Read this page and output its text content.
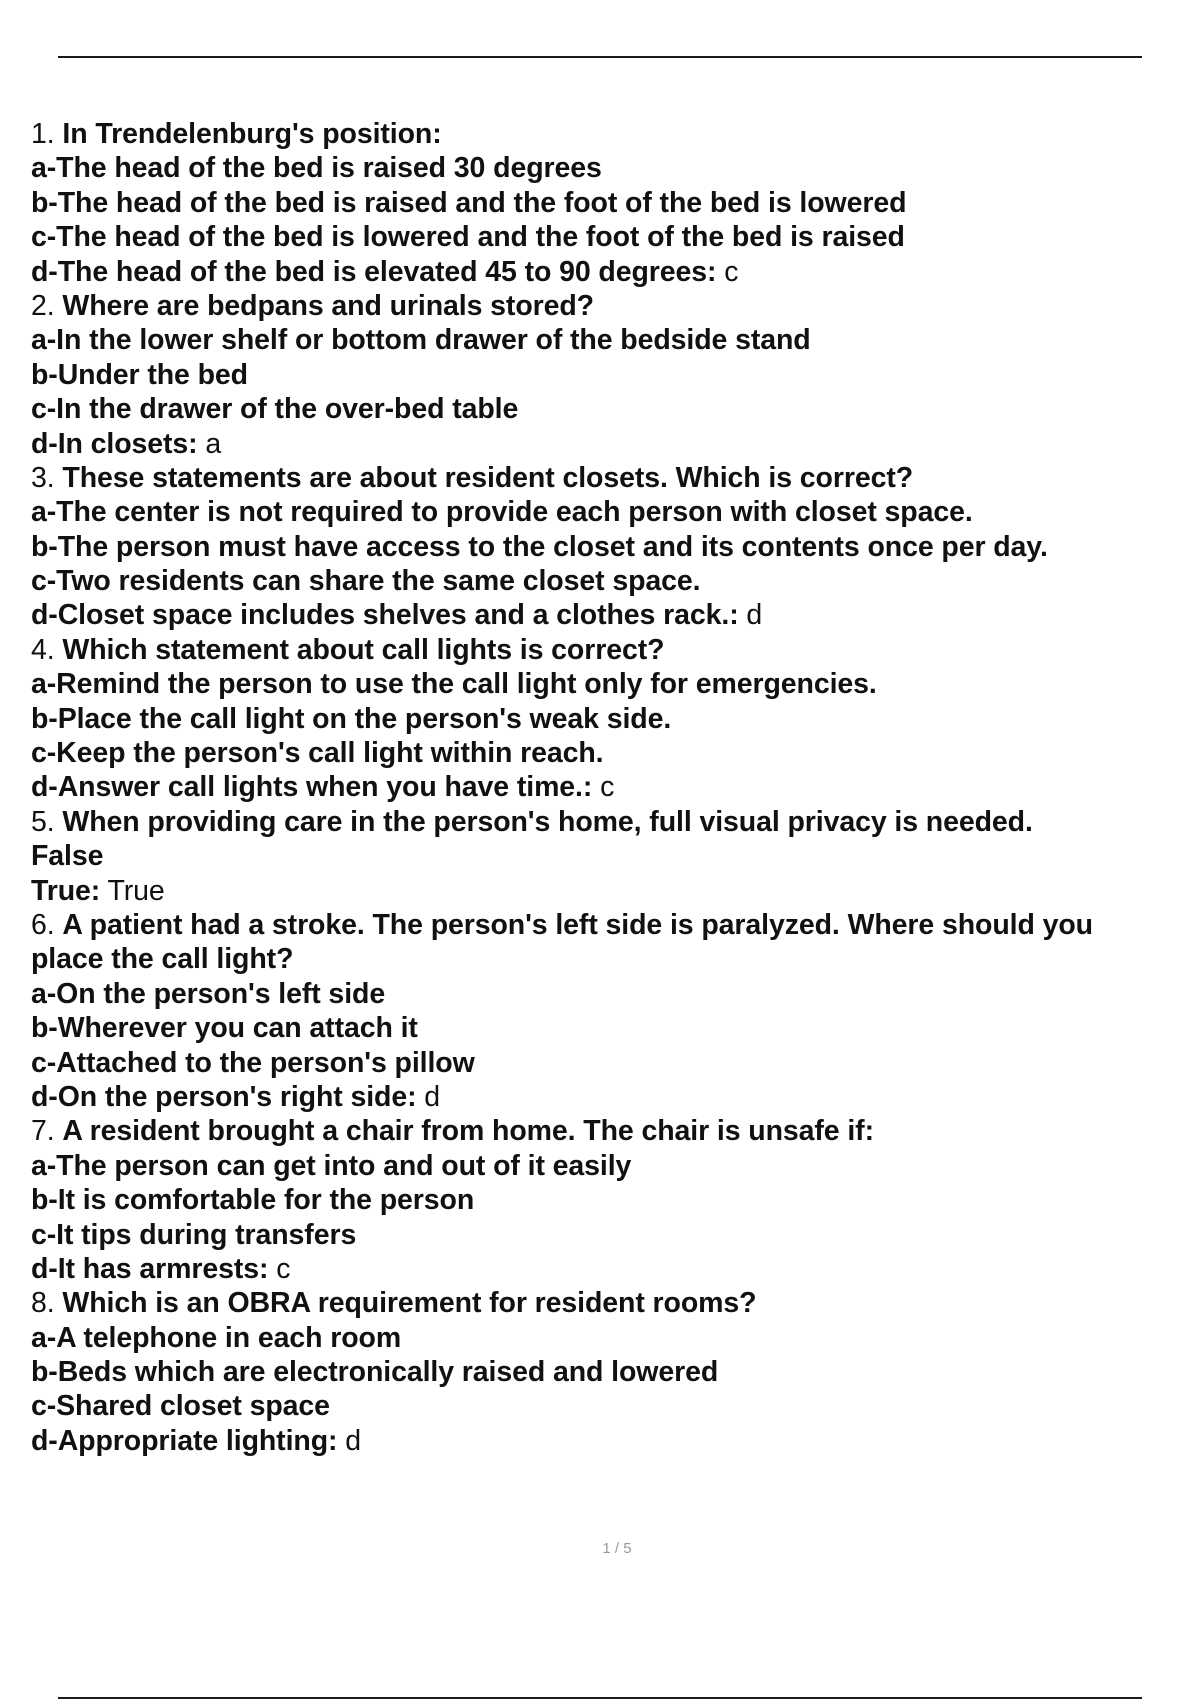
1. In Trendelenburg's position:
a-The head of the bed is raised 30 degrees
b-The head of the bed is raised and the foot of the bed is lowered
c-The head of the bed is lowered and the foot of the bed is raised
d-The head of the bed is elevated 45 to 90 degrees: c
2. Where are bedpans and urinals stored?
a-In the lower shelf or bottom drawer of the bedside stand
b-Under the bed
c-In the drawer of the over-bed table
d-In closets: a
3. These statements are about resident closets. Which is correct?
a-The center is not required to provide each person with closet space.
b-The person must have access to the closet and its contents once per day.
c-Two residents can share the same closet space.
d-Closet space includes shelves and a clothes rack.: d
4. Which statement about call lights is correct?
a-Remind the person to use the call light only for emergencies.
b-Place the call light on the person's weak side.
c-Keep the person's call light within reach.
d-Answer call lights when you have time.: c
5. When providing care in the person's home, full visual privacy is needed.
False
True: True
6. A patient had a stroke. The person's left side is paralyzed. Where should you
place the call light?
a-On the person's left side
b-Wherever you can attach it
c-Attached to the person's pillow
d-On the person's right side: d
7. A resident brought a chair from home. The chair is unsafe if:
a-The person can get into and out of it easily
b-It is comfortable for the person
c-It tips during transfers
d-It has armrests: c
8. Which is an OBRA requirement for resident rooms?
a-A telephone in each room
b-Beds which are electronically raised and lowered
c-Shared closet space
d-Appropriate lighting: d
1 / 5
